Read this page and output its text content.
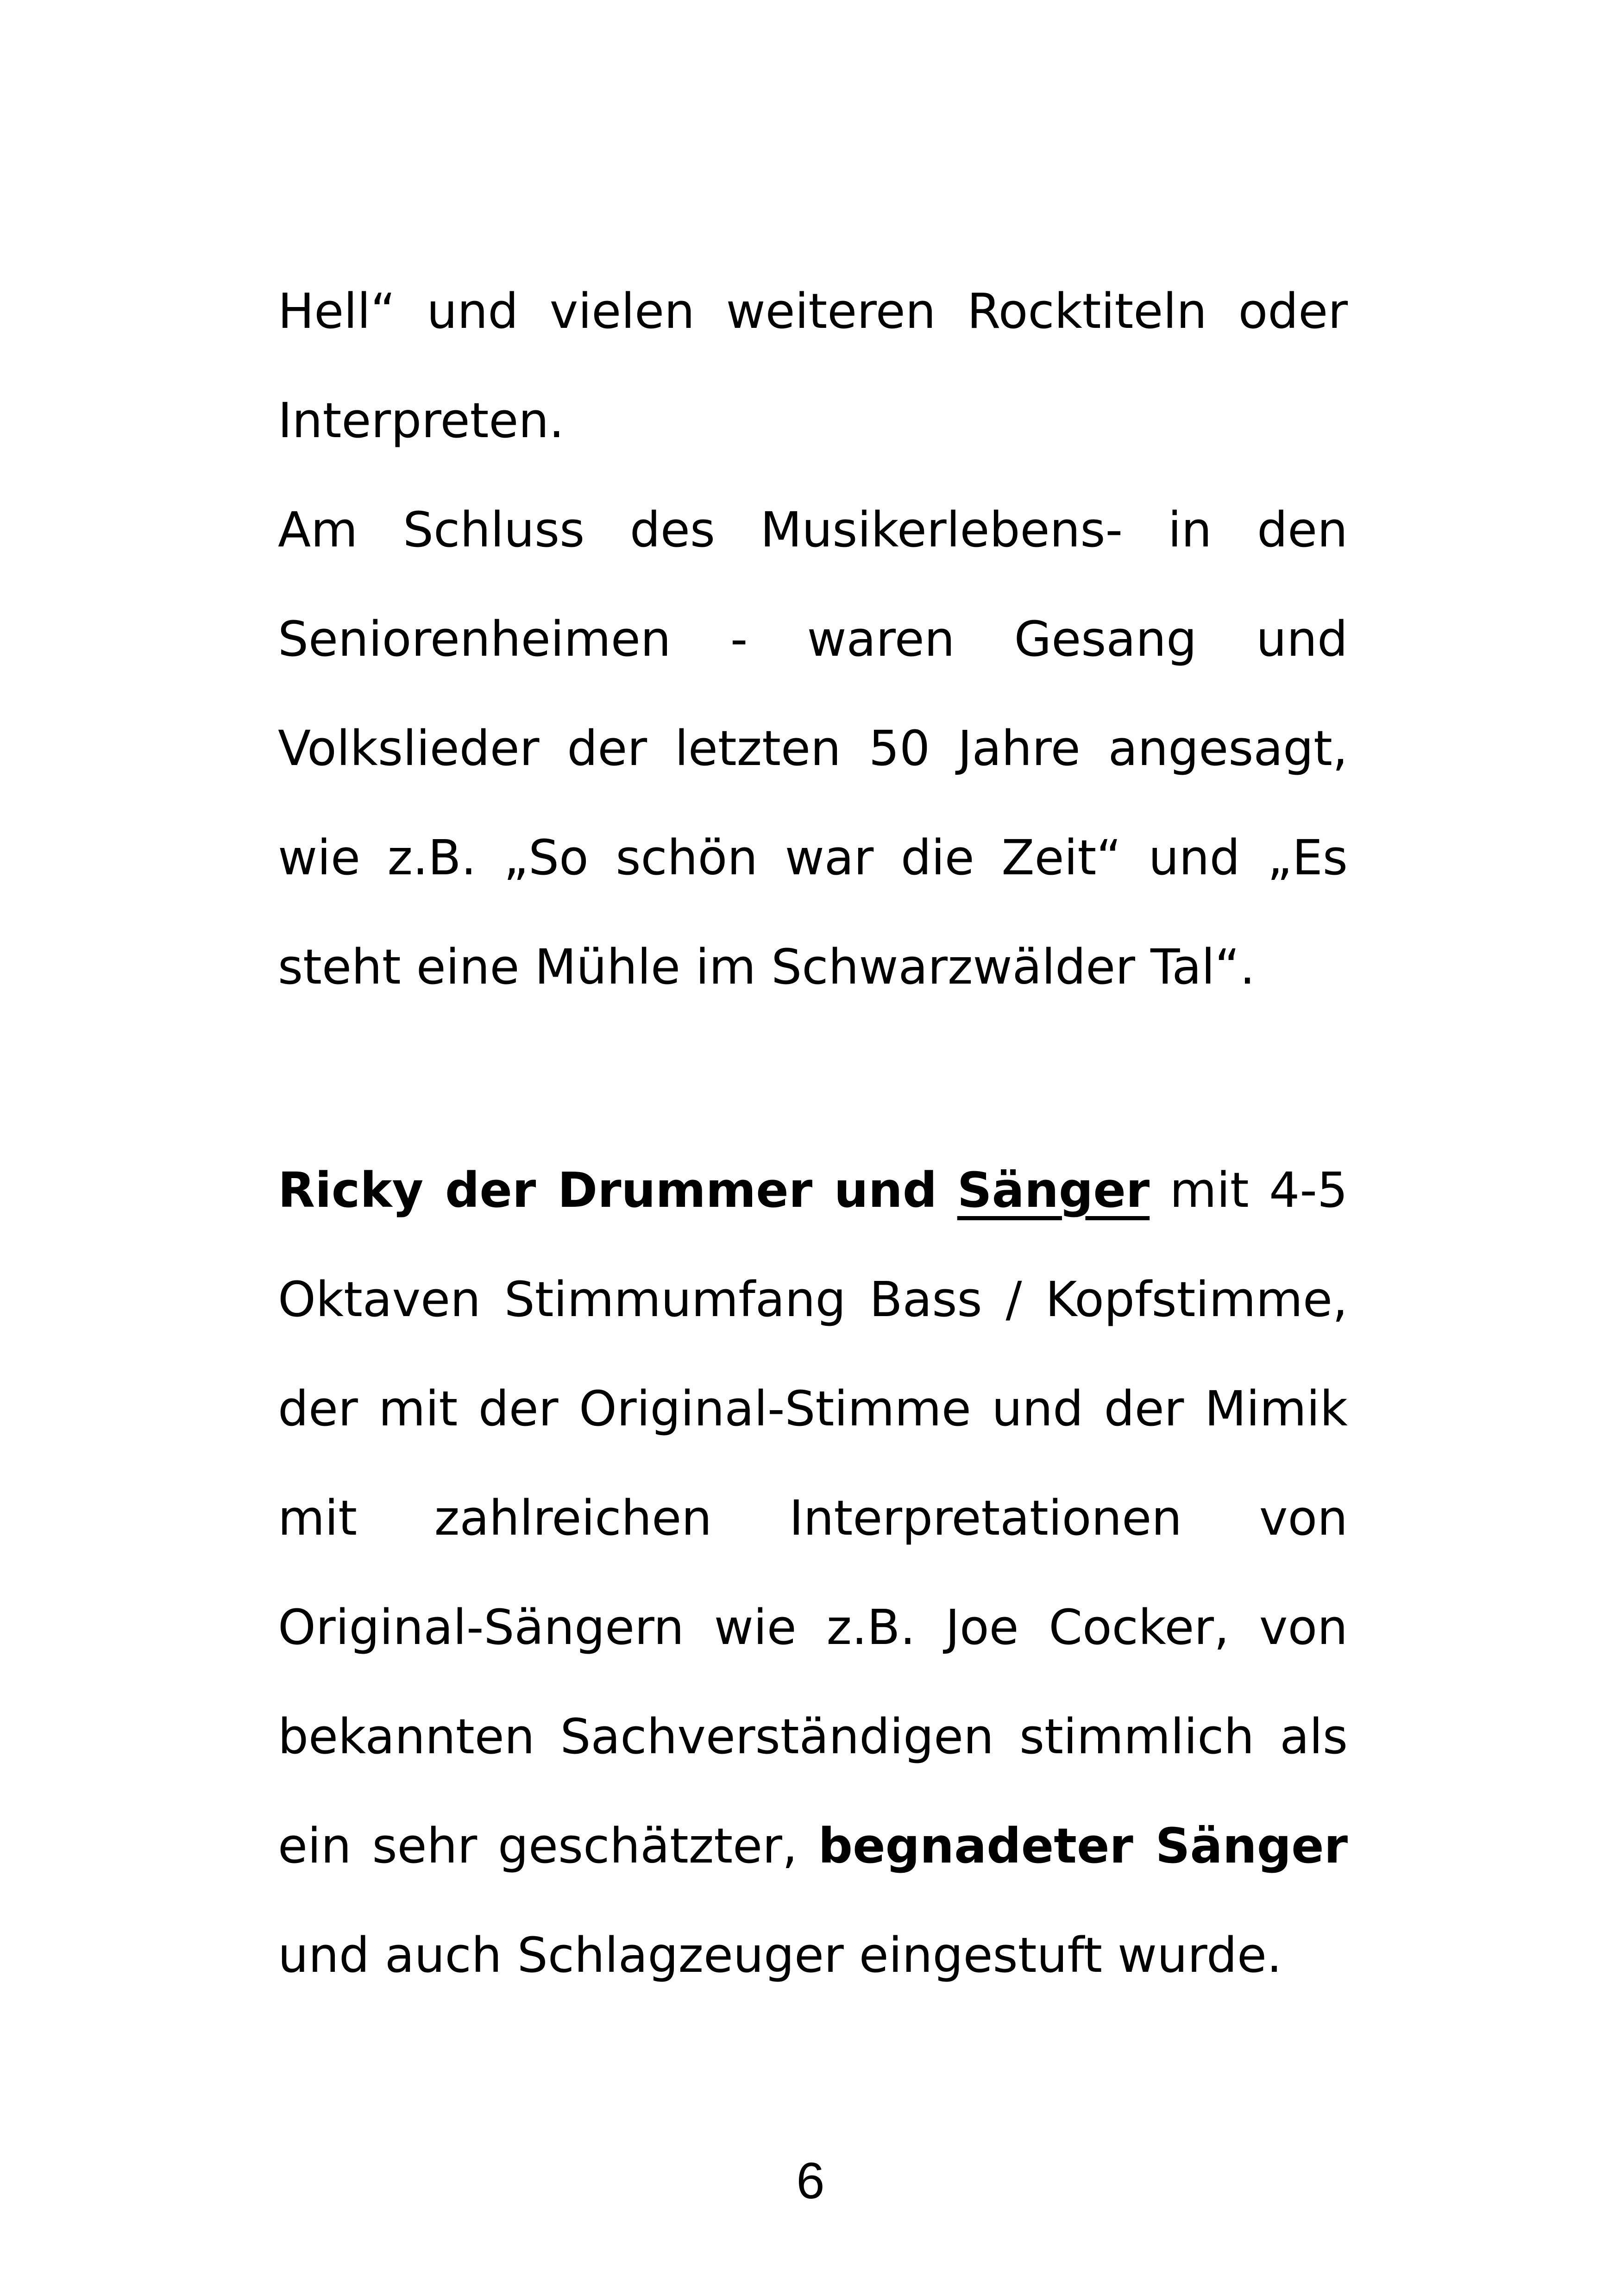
Hell“ und vielen weiteren Rocktiteln oder
Interpreten.
Am Schluss des Musikerlebens- in den
Seniorenheimen - waren Gesang und
Volkslieder der letzten 50 Jahre angesagt,
wie z.B. „So schön war die Zeit“ und „Es
steht eine Mühle im Schwarzwälder Tal“.
Ricky der Drummer und Sänger mit 4-5
Oktaven Stimmumfang Bass / Kopfstimme,
der mit der Original-Stimme und der Mimik
mit zahlreichen Interpretationen von
Original-Sängern wie z.B. Joe Cocker, von
bekannten Sachverständigen stimmlich als
ein sehr geschätzter, begnadeter Sänger
und auch Schlagzeuger eingestuft wurde.
6
